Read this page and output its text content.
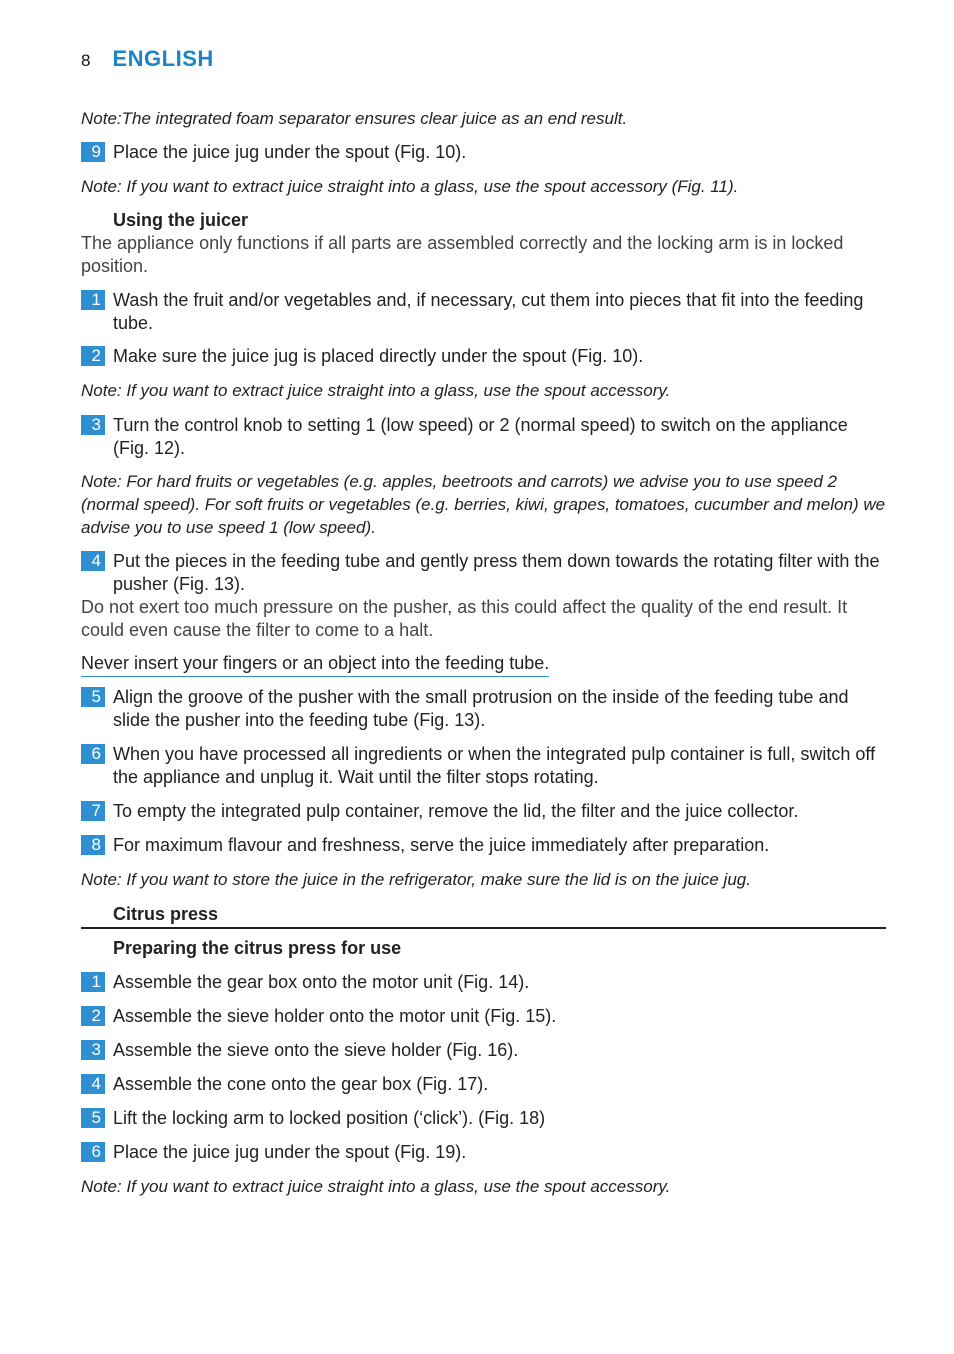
8 ENGLISH
Note:The integrated foam separator ensures clear juice as an end result.
9 Place the juice jug under the spout (Fig. 10).
Note: If you want to extract juice straight into a glass, use the spout accessory (Fig. 11).
Using the juicer
The appliance only functions if all parts are assembled correctly and the locking arm is in locked position.
1 Wash the fruit and/or vegetables and, if necessary, cut them into pieces that fit into the feeding tube.
2 Make sure the juice jug is placed directly under the spout (Fig. 10).
Note: If you want to extract juice straight into a glass, use the spout accessory.
3 Turn the control knob to setting 1 (low speed) or 2 (normal speed) to switch on the appliance (Fig. 12).
Note: For hard fruits or vegetables (e.g. apples, beetroots and carrots) we advise you to use speed 2 (normal speed). For soft fruits or vegetables (e.g. berries, kiwi, grapes, tomatoes, cucumber and melon) we advise you to use speed 1 (low speed).
4 Put the pieces in the feeding tube and gently press them down towards the rotating filter with the pusher (Fig. 13).
Do not exert too much pressure on the pusher, as this could affect the quality of the end result. It could even cause the filter to come to a halt.
Never insert your fingers or an object into the feeding tube.
5 Align the groove of the pusher with the small protrusion on the inside of the feeding tube and slide the pusher into the feeding tube (Fig. 13).
6 When you have processed all ingredients or when the integrated pulp container is full, switch off the appliance and unplug it. Wait until the filter stops rotating.
7 To empty the integrated pulp container, remove the lid, the filter and the juice collector.
8 For maximum flavour and freshness, serve the juice immediately after preparation.
Note: If you want to store the juice in the refrigerator, make sure the lid is on the juice jug.
Citrus press
Preparing the citrus press for use
1 Assemble the gear box onto the motor unit (Fig. 14).
2 Assemble the sieve holder onto the motor unit (Fig. 15).
3 Assemble the sieve onto the sieve holder (Fig. 16).
4 Assemble the cone onto the gear box (Fig. 17).
5 Lift the locking arm to locked position (‘click’). (Fig. 18)
6 Place the juice jug under the spout (Fig. 19).
Note: If you want to extract juice straight into a glass, use the spout accessory.
